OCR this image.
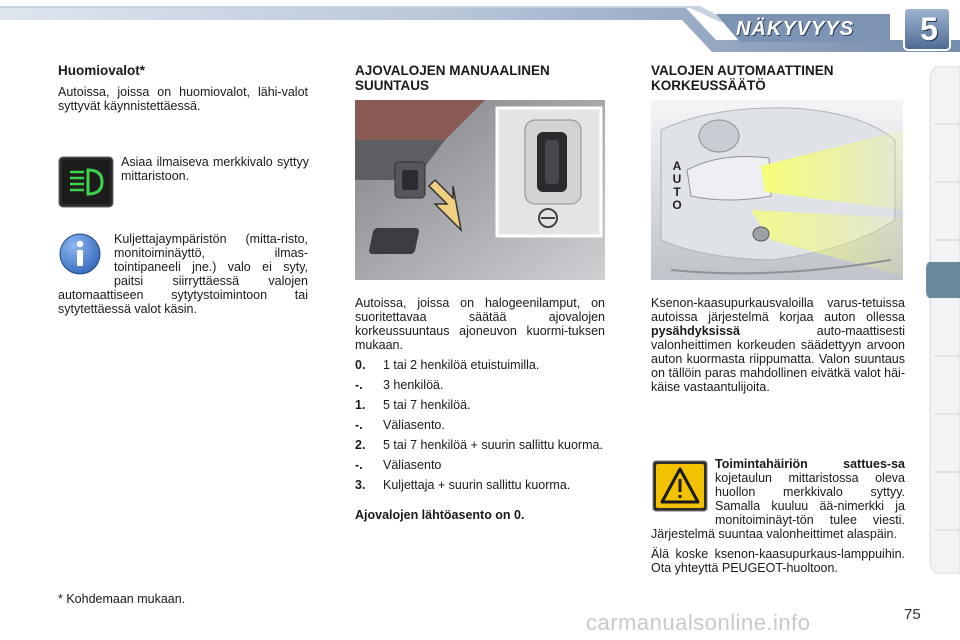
NÄKYVYYS	5

Huomiovalot*

Autoissa, joissa on huomiovalot, lähi-valot syttyvät käynnistettäessä.

Asiaa ilmaiseva merkkivalo syttyy mittaristoon.
Kuljettajaympäristön (mitta-risto, monitoiminäyttö, ilmas-tointipaneeli jne.) valo ei syty, paitsi siirryttäessä valojen automaattiseen sytytystoimintoon tai sytytettäessä valot käsin.

AJOVALOJEN MANUAALINEN SUUNTAUS

Autoissa, joissa on halogeenilamput, on suoritettavaa säätää ajovalojen korkeussuuntaus ajoneuvon kuormi-tuksen mukaan.

0.	1 tai 2 henkilöä etuistuimilla.
-.	3 henkilöä.
1.	5 tai 7 henkilöä.
-.	Väliasento.
2.	5 tai 7 henkilöä + suurin sallittu kuorma.
-.	Väliasento
3.	Kuljettaja + suurin sallittu kuorma.

Ajovalojen lähtöasento on 0.

VALOJEN AUTOMAATTINEN KORKEUSSÄÄTÖ

AUTO
Ksenon-kaasupurkausvaloilla varus-tetuissa autoissa järjestelmä korjaa auton ollessa pysähdyksissä	auto-maattisesti valonheittimen korkeuden säädettyyn arvoon auton kuormasta riippumatta. Valon suuntaus on tällöin paras mahdollinen eivätkä valot häi-käise vastaantulijoita.
Toimintahäiriön sattues-sa kojetaulun mittaristossa oleva huollon merkkivalo syttyy. Samalla kuuluu ää-nimerkki ja monitoiminäyt-tön tulee viesti. Järjestelmä suuntaa valonheittimet alaspäin.

Älä koske ksenon-kaasupurkaus-lamppuihin. Ota yhteyttä PEUGEOT-huoltoon.

* Kohdemaan mukaan.
carmanualsonline.info	75
